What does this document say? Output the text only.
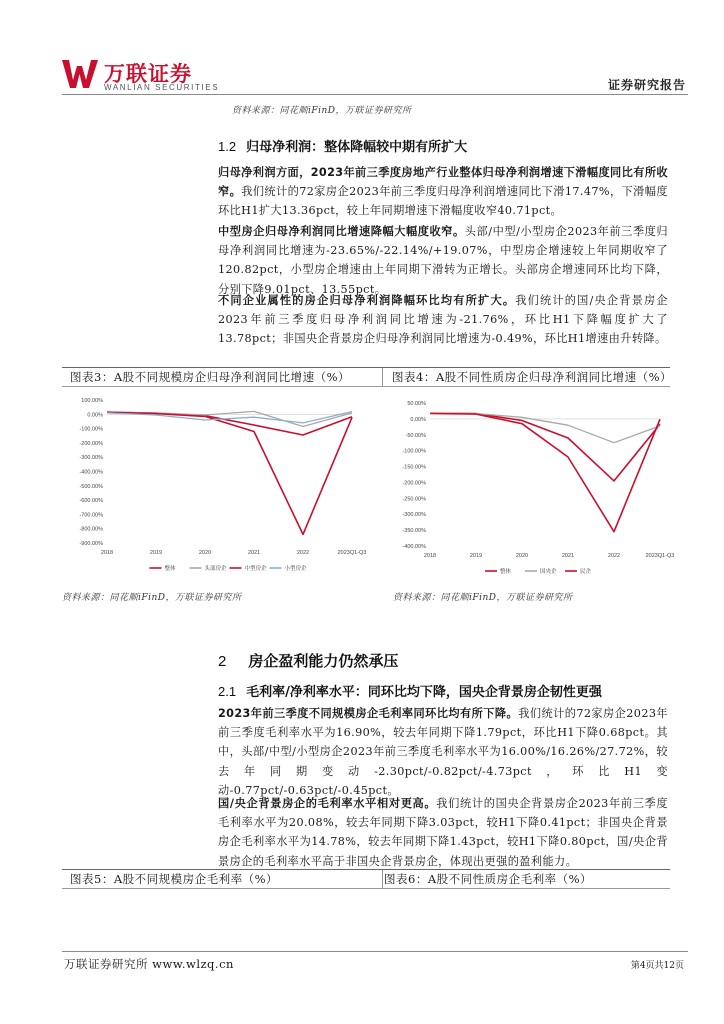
万联证券
WANLIAN SECURITIES	证券研究报告
资料来源：同花顺iFinD，万联证券研究所
1.2 归母净利润：整体降幅较中期有所扩大
归母净利润方面，2023年前三季度房地产行业整体归母净利润增速下滑幅度同比有所收窄。我们统计的72家房企2023年前三季度归母净利润增速同比下滑17.47%，下滑幅度环比H1扩大13.36pct，较上年同期增速下滑幅度收窄40.71pct。
中型房企归母净利润同比增速降幅大幅度收窄。头部/中型/小型房企2023年前三季度归母净利润同比增速为-23.65%/-22.14%/+19.07%，中型房企增速较上年同期收窄了120.82pct，小型房企增速由上年同期下滑转为正增长。头部房企增速同环比均下降，分别下降9.01pct、13.55pct。
不同企业属性的房企归母净利润降幅环比均有所扩大。我们统计的国/央企背景房企2023年前三季度归母净利润同比增速为-21.76%，环比H1下降幅度扩大了13.78pct；非国央企背景房企归母净利润同比增速为-0.49%，环比H1增速由升转降。
图表3：A股不同规模房企归母净利润同比增速（%）	图表4：A股不同性质房企归母净利润同比增速（%）
100.00%
0.00%
-100.00%
-200.00%
-300.00%
-400.00%
-500.00%
-600.00%
-700.00%
-800.00%
-900.00%
2018	2019	2020	2021	2022	2023Q1-Q3
整体	头部房企	中型房企	小型房企
50.00%
0.00%
-50.00%
-100.00%
-150.00%
-200.00%
-250.00%
-300.00%
-350.00%
-400.00%
2018	2019	2020	2021	2022	2023Q1-Q3
整体	国央企	民企
资料来源：同花顺iFinD，万联证券研究所	资料来源：同花顺iFinD，万联证券研究所
2 房企盈利能力仍然承压
2.1 毛利率/净利率水平：同环比均下降，国央企背景房企韧性更强
2023年前三季度不同规模房企毛利率同环比均有所下降。我们统计的72家房企2023年前三季度毛利率水平为16.90%，较去年同期下降1.79pct，环比H1下降0.68pct。其中，头部/中型/小型房企2023年前三季度毛利率水平为16.00%/16.26%/27.72%，较去年同期变动-2.30pct/-0.82pct/-4.73pct，环比H1变动-0.77pct/-0.63pct/-0.45pct。
国/央企背景房企的毛利率水平相对更高。我们统计的国央企背景房企2023年前三季度毛利率水平为20.08%，较去年同期下降3.03pct，较H1下降0.41pct；非国央企背景房企毛利率水平为14.78%，较去年同期下降1.43pct，较H1下降0.80pct，国/央企背景房企的毛利率水平高于非国央企背景房企，体现出更强的盈利能力。
图表5：A股不同规模房企毛利率（%）	图表6：A股不同性质房企毛利率（%）
万联证券研究所 www.wlzq.cn	第4页共12页
